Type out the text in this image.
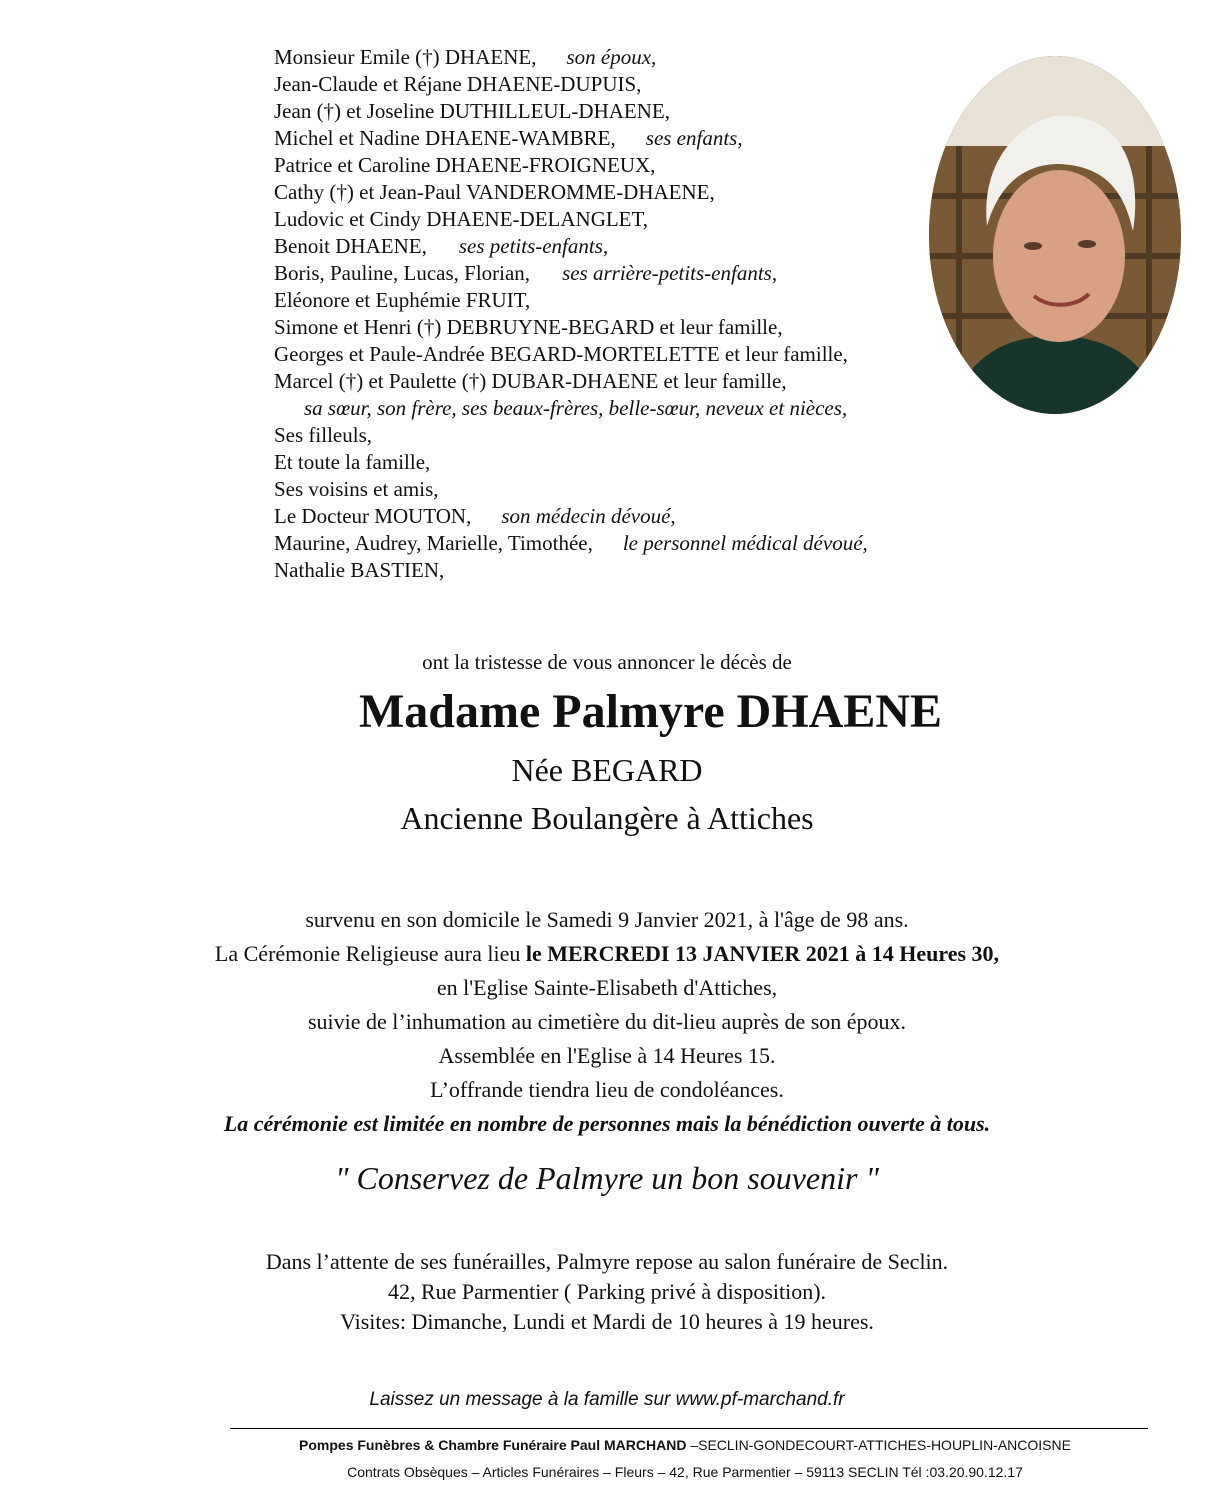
Monsieur Emile (†) DHAENE, son époux,
Jean-Claude et Réjane DHAENE-DUPUIS,
Jean (†) et Joseline DUTHILLEUL-DHAENE,
Michel et Nadine DHAENE-WAMBRE, ses enfants,
Patrice et Caroline DHAENE-FROIGNEUX,
Cathy (†) et Jean-Paul VANDEROMME-DHAENE,
Ludovic et Cindy DHAENE-DELANGLET,
Benoit DHAENE, ses petits-enfants,
Boris, Pauline, Lucas, Florian, ses arrière-petits-enfants,
Eléonore et Euphémie FRUIT,
Simone et Henri (†) DEBRUYNE-BEGARD et leur famille,
Georges et Paule-Andrée BEGARD-MORTELETTE et leur famille,
Marcel (†) et Paulette (†) DUBAR-DHAENE et leur famille,
sa sœur, son frère, ses beaux-frères, belle-sœur, neveux et nièces,
Ses filleuls,
Et toute la famille,
Ses voisins et amis,
Le Docteur MOUTON, son médecin dévoué,
Maurine, Audrey, Marielle, Timothée, le personnel médical dévoué,
Nathalie BASTIEN,
ont la tristesse de vous annoncer le décès de
Madame Palmyre DHAENE
Née BEGARD
Ancienne Boulangère à Attiches
survenu en son domicile le Samedi 9 Janvier 2021, à l'âge de 98 ans.
La Cérémonie Religieuse aura lieu le MERCREDI 13 JANVIER 2021 à 14 Heures 30,
en l'Eglise Sainte-Elisabeth d'Attiches,
suivie de l’inhumation au cimetière du dit-lieu auprès de son époux.
Assemblée en l'Eglise à 14 Heures 15.
L’offrande tiendra lieu de condoléances.
La cérémonie est limitée en nombre de personnes mais la bénédiction ouverte à tous.
" Conservez de Palmyre un bon souvenir "
Dans l’attente de ses funérailles, Palmyre repose au salon funéraire de Seclin.
42, Rue Parmentier ( Parking privé à disposition).
Visites: Dimanche, Lundi et Mardi de 10 heures à 19 heures.
Laissez un message à la famille sur www.pf-marchand.fr
Pompes Funèbres & Chambre Funéraire Paul MARCHAND –SECLIN-GONDECOURT-ATTICHES-HOUPLIN-ANCOISNE
Contrats Obsèques – Articles Funéraires – Fleurs – 42, Rue Parmentier – 59113 SECLIN Tél :03.20.90.12.17
